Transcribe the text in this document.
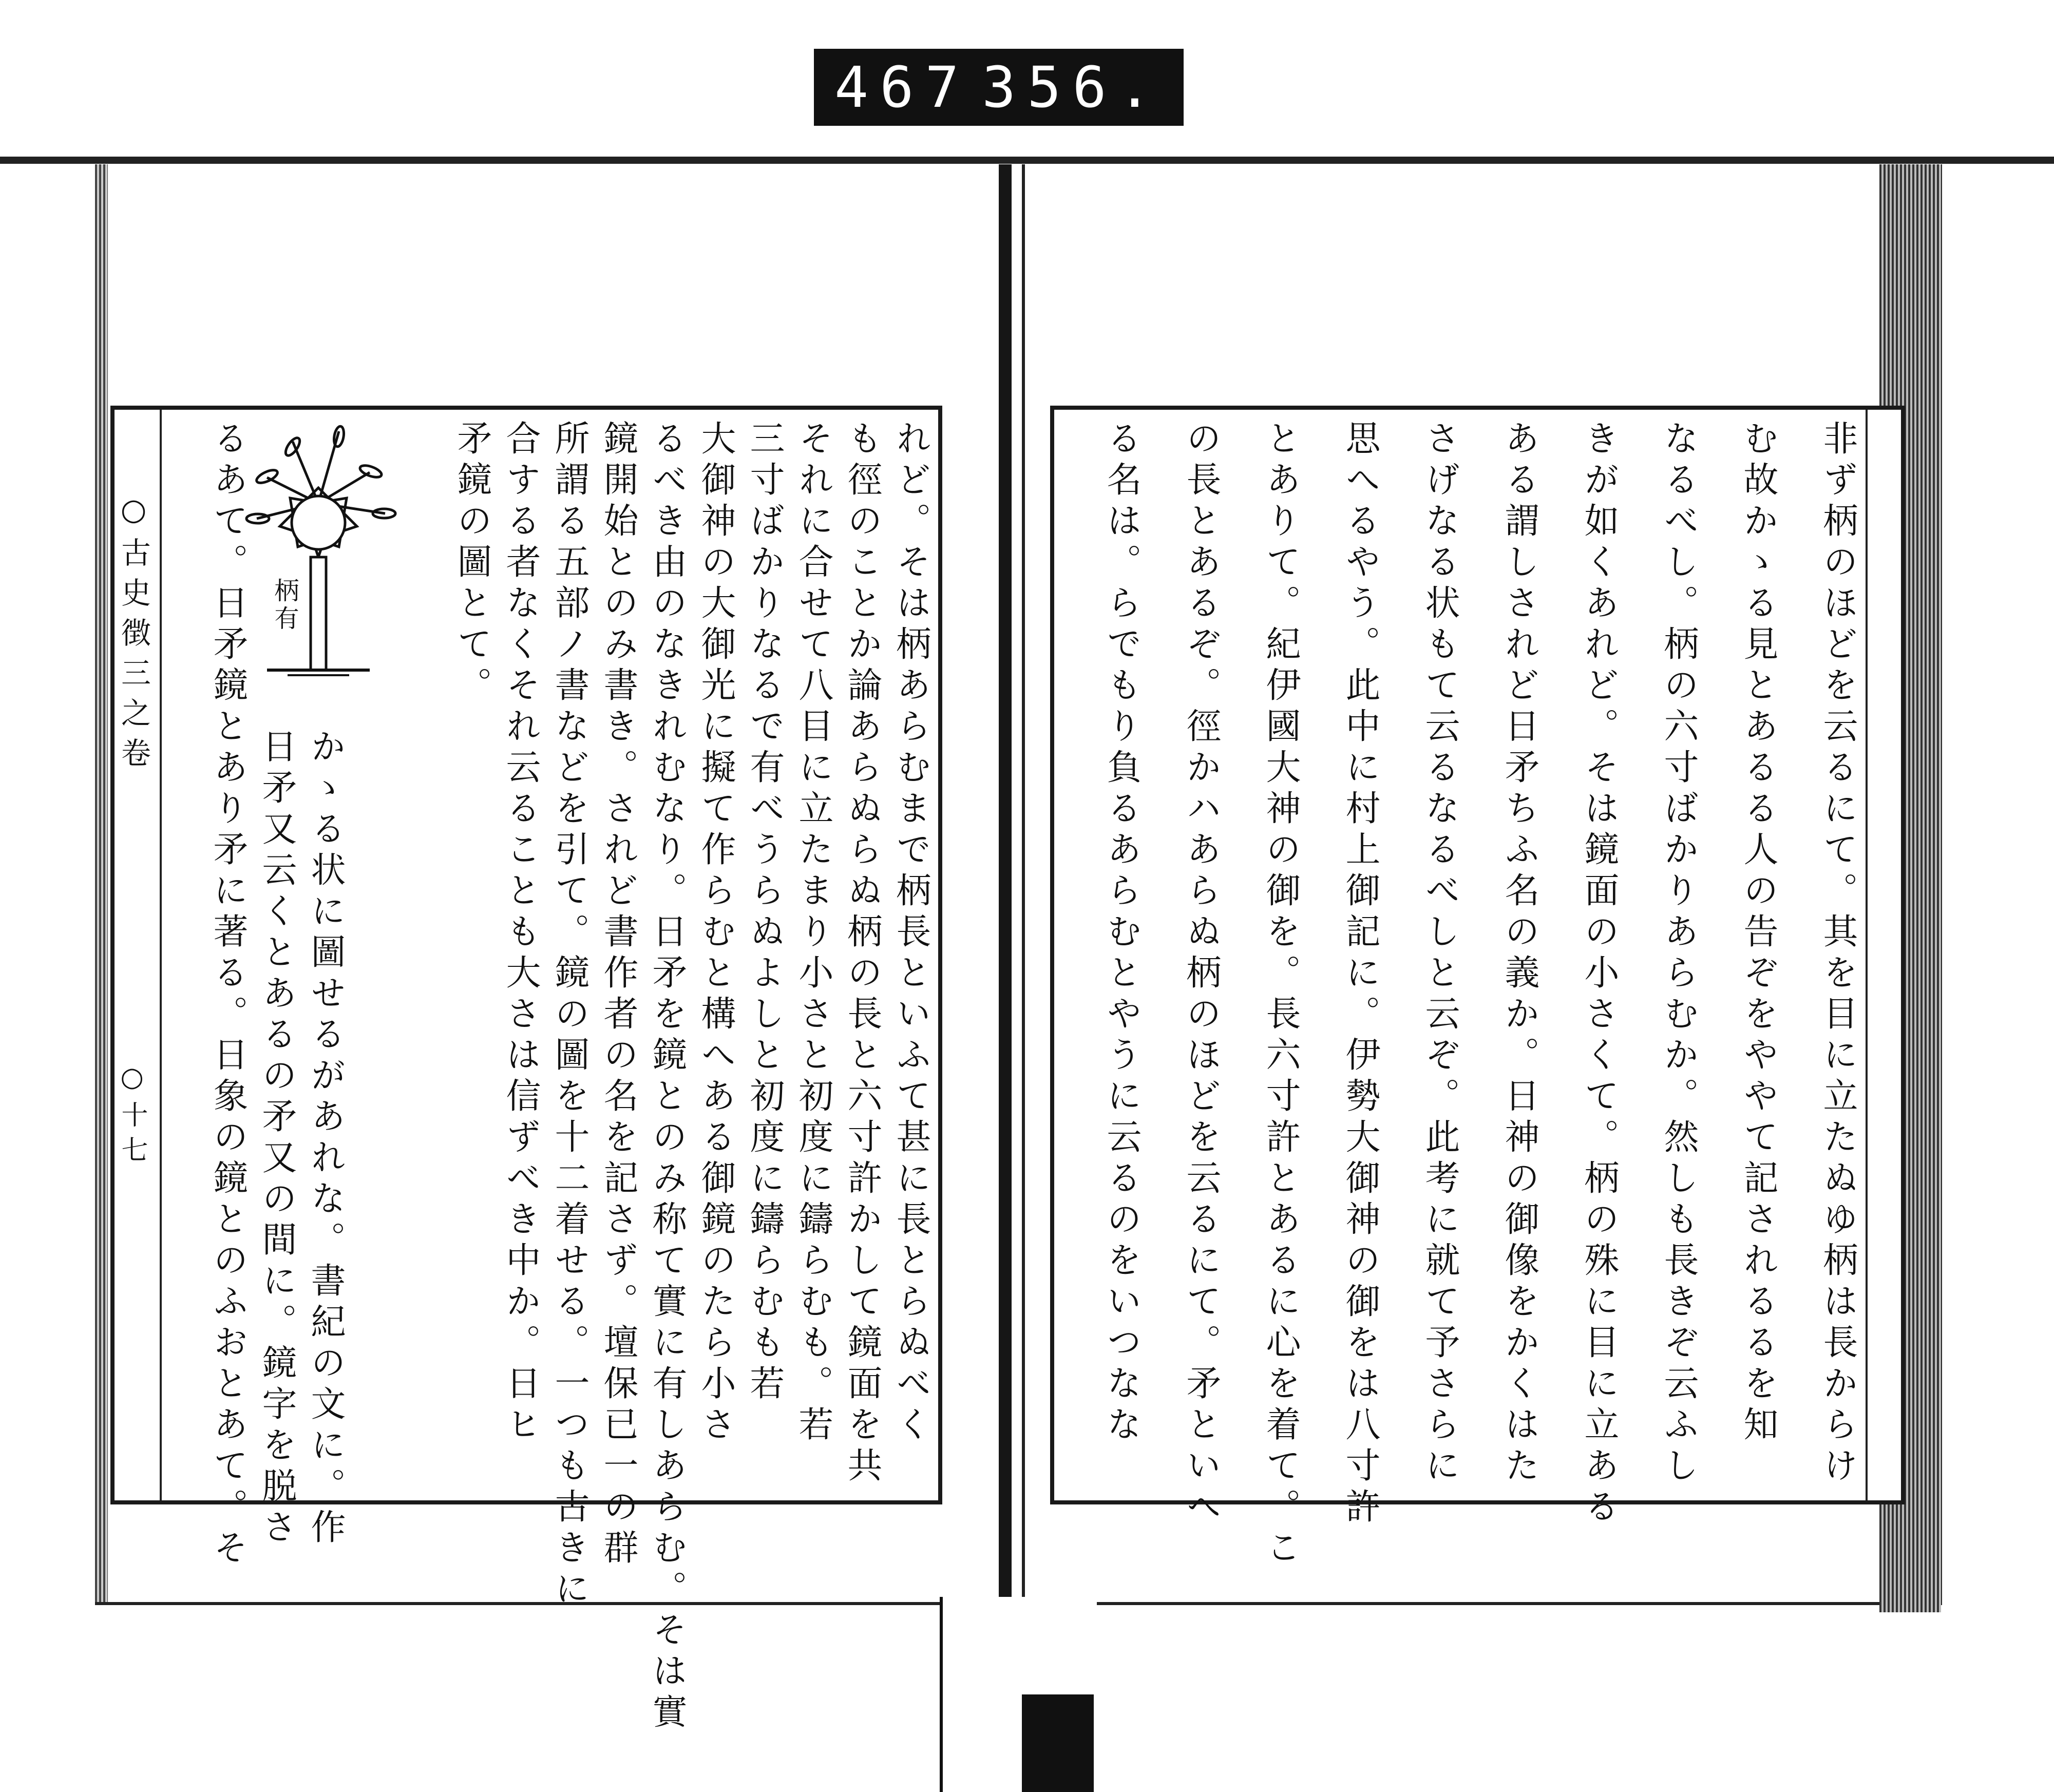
467 356.
れど。そは柄あらむまで柄長といふて甚に長とらぬべく
も徑のことか論あらぬらぬ柄の長と六寸許かして鏡面を共
それに合せて八目に立たまり小さと初度に鑄らむも。若
三寸ばかりなるで有べうらぬよしと初度に鑄らむも若
大御神の大御光に擬て作らむと構へある御鏡のたら小さ
るべき由のなきれむなり。日矛を鏡とのみ称て實に有しあらむ。そは實
鏡開始とのみ書き。されど書作者の名を記さず。壇保已一の群
所謂る五部ノ書などを引て。鏡の圖を十二着せる。一つも古きに
合する者なくそれ云ることも大さは信ずべき中か。日ヒ
矛鏡の圖とて。
かゝる状に圖せるがあれな。書紀の文に。作
日矛又云くとあるの矛又の間に。鏡字を脱さ
るあて。日矛鏡とあり矛に著る。日象の鏡とのふおとあて。そ
○古史徴三之卷
○十七
柄有	非ず柄のほどを云るにて。其を目に立たぬゆ柄は長からけ
む故かゝる見とあるる人の告ぞをややて記されるるを知
なるべし。柄の六寸ばかりあらむか。然しも長きぞ云ふし
きが如くあれど。そは鏡面の小さくて。柄の殊に目に立ある
ある謂しされど日矛ちふ名の義か。日神の御像をかくはた
さげなる状もて云るなるべしと云ぞ。此考に就て予さらに
思へるやう。此中に村上御記に。伊勢大御神の御をは八寸許
とありて。紀伊國大神の御を。長六寸許とあるに心を着て。こ
の長とあるぞ。徑かハあらぬ柄のほどを云るにて。矛といへ
る名は。らでもり負るあらむとやうに云るのをいつなな
